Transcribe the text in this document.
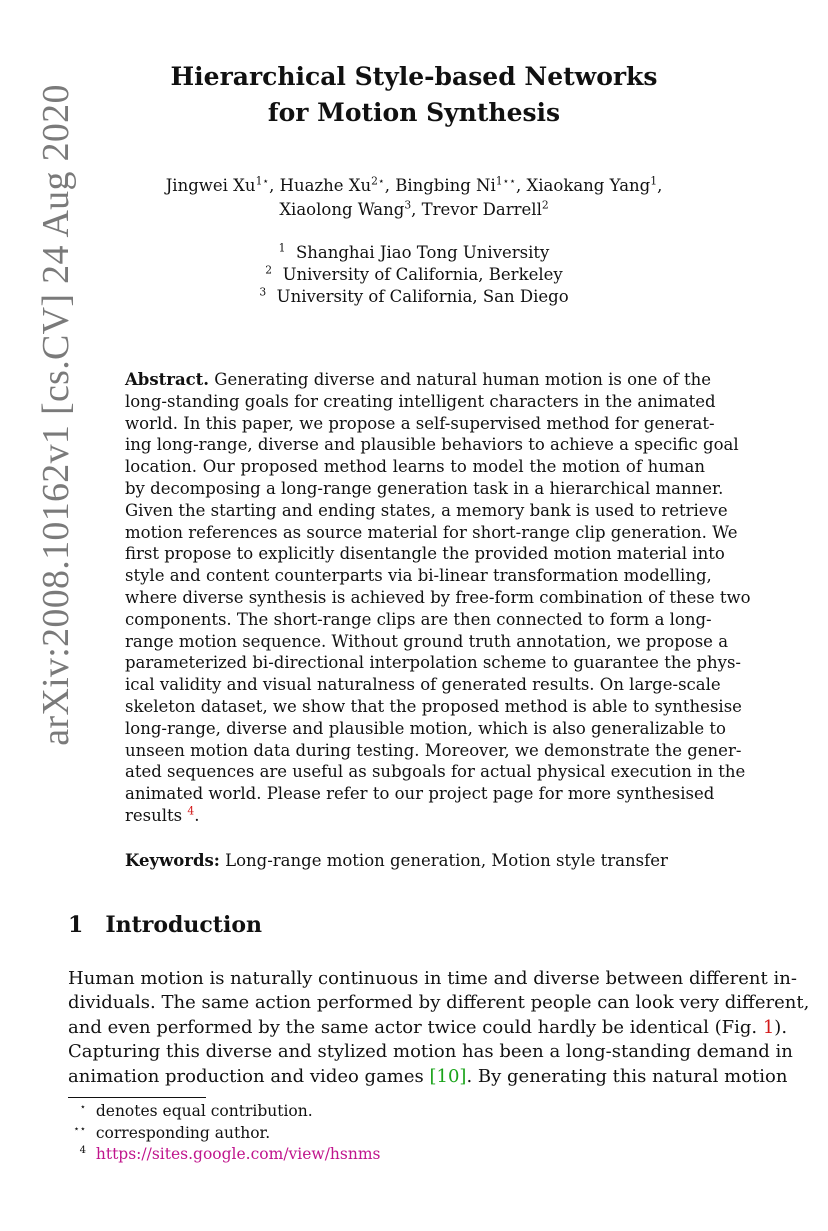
arXiv:2008.10162v1 [cs.CV] 24 Aug 2020
Hierarchical Style-based Networks
for Motion Synthesis
Jingwei $Xu^{1⋆}$, Huazhe $Xu^{2⋆}$, Bingbing $Ni^{1⋆⋆}$, Xiaokang Yang$^1$,
Xiaolong Wang$^3$, Trevor Darrell$^2$
$^1$ Shanghai Jiao Tong University
$^2$ University of California, Berkeley
$^3$ University of California, San Diego
Abstract. Generating diverse and natural human motion is one of the
long-standing goals for creating intelligent characters in the animated
world. In this paper, we propose a self-supervised method for generat-
ing long-range, diverse and plausible behaviors to achieve a specific goal
location. Our proposed method learns to model the motion of human
by decomposing a long-range generation task in a hierarchical manner.
Given the starting and ending states, a memory bank is used to retrieve
motion references as source material for short-range clip generation. We
first propose to explicitly disentangle the provided motion material into
style and content counterparts via bi-linear transformation modelling,
where diverse synthesis is achieved by free-form combination of these two
components. The short-range clips are then connected to form a long-
range motion sequence. Without ground truth annotation, we propose a
parameterized bi-directional interpolation scheme to guarantee the phys-
ical validity and visual naturalness of generated results. On large-scale
skeleton dataset, we show that the proposed method is able to synthesise
long-range, diverse and plausible motion, which is also generalizable to
unseen motion data during testing. Moreover, we demonstrate the gener-
ated sequences are useful as subgoals for actual physical execution in the
animated world. Please refer to our project page for more synthesised
results $^4$.
Keywords: Long-range motion generation, Motion style transfer
1 Introduction
Human motion is naturally continuous in time and diverse between different in-
dividuals. The same action performed by different people can look very different,
and even performed by the same actor twice could hardly be identical (Fig. 1).
Capturing this diverse and stylized motion has been a long-standing demand in
animation production and video games [10]. By generating this natural motion
⋆ denotes equal contribution.
⋆⋆ corresponding author.
$^4$ https://sites.google.com/view/hsnms
